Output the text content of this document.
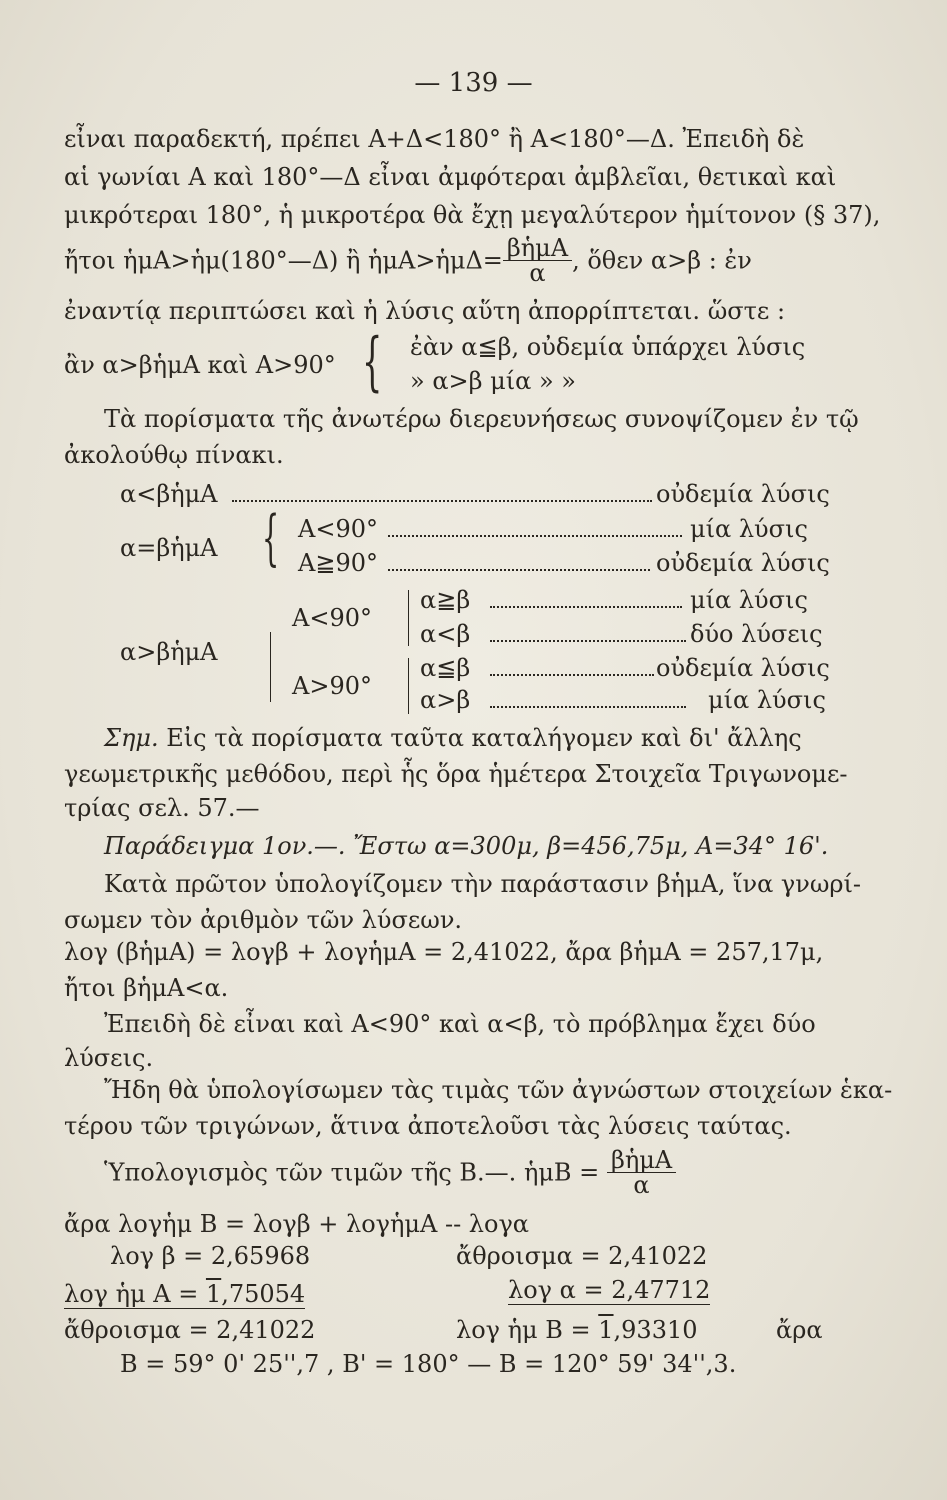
— 139 —
εἶναι παραδεκτή, πρέπει Α+Δ<180° ἢ Α<180°—Δ. Ἐπειδὴ δὲ
αἱ γωνίαι Α καὶ 180°—Δ εἶναι ἀμφότεραι ἀμβλεῖαι, θετικαὶ καὶ
μικρότεραι 180°, ἡ μικροτέρα θὰ ἔχῃ μεγαλύτερον ἡμίτονον (§ 37),
ἤτοι ἡμΑ>ἡμ(180°—Δ) ἢ ἡμΑ>ἡμΔ= $\frac{\text{βἡμΑ}}{\alpha}$ , ὅθεν α>β : ἐν
ἐναντίᾳ περιπτώσει καὶ ἡ λύσις αὕτη ἀπορρίπτεται. ὥστε :
ἂν α>βἡμΑ καὶ Α>90° { ἐὰν α≦β, οὐδεμία ὑπάρχει λύσις
» α>β μία » »
Τὰ πορίσματα τῆς ἀνωτέρω διερευνήσεως συνοψίζομεν ἐν τῷ
ἀκολούθῳ πίνακι.
α<βἡμΑ	οὐδεμία λύσις
α=βἡμΑ { Α<90°	μία λύσις
Α≧90°	οὐδεμία λύσις
α>βἡμΑ
Α<90°
α≧β	μία λύσις
α<β	δύο λύσεις
Α>90°
α≦β	οὐδεμία λύσις
α>β	μία λύσις
Σημ. Εἰς τὰ πορίσματα ταῦτα καταλήγομεν καὶ δι' ἄλλης
γεωμετρικῆς μεθόδου, περὶ ἧς ὅρα ἡμέτερα Στοιχεῖα Τριγωνομε-
τρίας σελ. 57.—
Παράδειγμα 1ον.—. Ἔστω α=300μ, β=456,75μ, Α=34° 16'.
Κατὰ πρῶτον ὑπολογίζομεν τὴν παράστασιν βἡμΑ, ἵνα γνωρί-
σωμεν τὸν ἀριθμὸν τῶν λύσεων.
λογ (βἡμΑ) = λογβ + λογἡμΑ = 2,41022, ἄρα βἡμΑ = 257,17μ,
ἤτοι βἡμΑ<α.
Ἐπειδὴ δὲ εἶναι καὶ Α<90° καὶ α<β, τὸ πρόβλημα ἔχει δύο
λύσεις.
Ἤδη θὰ ὑπολογίσωμεν τὰς τιμὰς τῶν ἀγνώστων στοιχείων ἑκα-
τέρου τῶν τριγώνων, ἅτινα ἀποτελοῦσι τὰς λύσεις ταύτας.
Ὑπολογισμὸς τῶν τιμῶν τῆς Β.—. ἡμΒ = $\frac{\text{βἡμΑ}}{\alpha}$
ἄρα λογἡμ Β = λογβ + λογἡμΑ -- λογα
λογ β = 2,65968	ἄθροισμα = 2,41022
λογ ἡμ Α = 1,75054	λογ α = 2,47712
ἄθροισμα = 2,41022	λογ ἡμ Β = 1,93310	ἄρα
Β = 59° 0' 25'',7 , Β' = 180° — Β = 120° 59' 34'',3.
